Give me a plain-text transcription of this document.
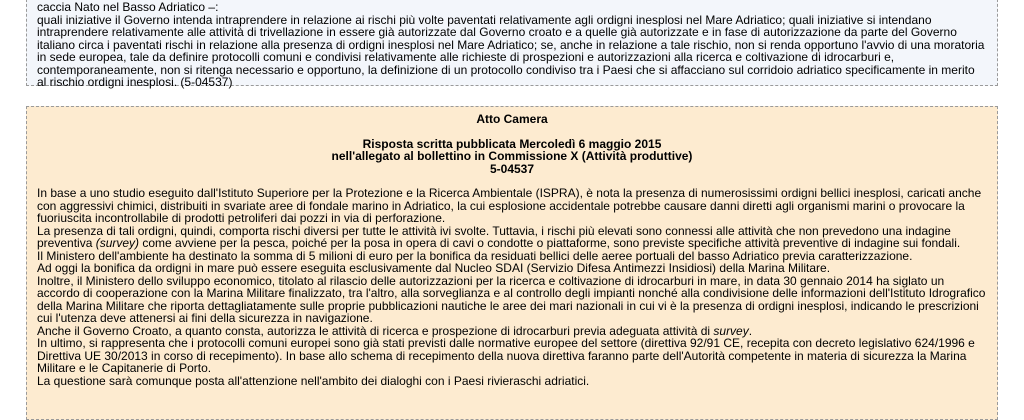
caccia Nato nel Basso Adriatico –:

quali iniziative il Governo intenda intraprendere in relazione ai rischi più volte paventati relativamente agli ordigni inesplosi nel Mare Adriatico; quali iniziative si intendano intraprendere relativamente alle attività di trivellazione in essere già autorizzate dal Governo croato e a quelle già autorizzate e in fase di autorizzazione da parte del Governo italiano circa i paventati rischi in relazione alla presenza di ordigni inesplosi nel Mare Adriatico; se, anche in relazione a tale rischio, non si renda opportuno l'avvio di una moratoria in sede europea, tale da definire protocolli comuni e condivisi relativamente alle richieste di prospezioni e autorizzazioni alla ricerca e coltivazione di idrocarburi e, contemporaneamente, non si ritenga necessario e opportuno, la definizione di un protocollo condiviso tra i Paesi che si affacciano sul corridoio adriatico specificamente in merito al rischio ordigni inesplosi. (5-04537)

Atto Camera

Risposta scritta pubblicata Mercoledì 6 maggio 2015

nell'allegato al bollettino in Commissione X (Attività produttive)

5-04537

In base a uno studio eseguito dall'Istituto Superiore per la Protezione e la Ricerca Ambientale (ISPRA), è nota la presenza di numerosissimi ordigni bellici inesplosi, caricati anche con aggressivi chimici, distribuiti in svariate aree di fondale marino in Adriatico, la cui esplosione accidentale potrebbe causare danni diretti agli organismi marini o provocare la fuoriuscita incontrollabile di prodotti petroliferi dai pozzi in via di perforazione.

La presenza di tali ordigni, quindi, comporta rischi diversi per tutte le attività ivi svolte. Tuttavia, i rischi più elevati sono connessi alle attività che non prevedono una indagine preventiva (survey) come avviene per la pesca, poiché per la posa in opera di cavi o condotte o piattaforme, sono previste specifiche attività preventive di indagine sui fondali.

Il Ministero dell'ambiente ha destinato la somma di 5 milioni di euro per la bonifica da residuati bellici delle aeree portuali del basso Adriatico previa caratterizzazione.

Ad oggi la bonifica da ordigni in mare può essere eseguita esclusivamente dal Nucleo SDAI (Servizio Difesa Antimezzi Insidiosi) della Marina Militare.

Inoltre, il Ministero dello sviluppo economico, titolato al rilascio delle autorizzazioni per la ricerca e coltivazione di idrocarburi in mare, in data 30 gennaio 2014 ha siglato un accordo di cooperazione con la Marina Militare finalizzato, tra l'altro, alla sorveglianza e al controllo degli impianti nonché alla condivisione delle informazioni dell'Istituto Idrografico della Marina Militare che riporta dettagliatamente sulle proprie pubblicazioni nautiche le aree dei mari nazionali in cui vi è la presenza di ordigni inesplosi, indicando le prescrizioni cui l'utenza deve attenersi ai fini della sicurezza in navigazione.

Anche il Governo Croato, a quanto consta, autorizza le attività di ricerca e prospezione di idrocarburi previa adeguata attività di survey.

In ultimo, si rappresenta che i protocolli comuni europei sono già stati previsti dalle normative europee del settore (direttiva 92/91 CE, recepita con decreto legislativo 624/1996 e Direttiva UE 30/2013 in corso di recepimento). In base allo schema di recepimento della nuova direttiva faranno parte dell'Autorità competente in materia di sicurezza la Marina Militare e le Capitanerie di Porto.

La questione sarà comunque posta all'attenzione nell'ambito dei dialoghi con i Paesi rivieraschi adriatici.
